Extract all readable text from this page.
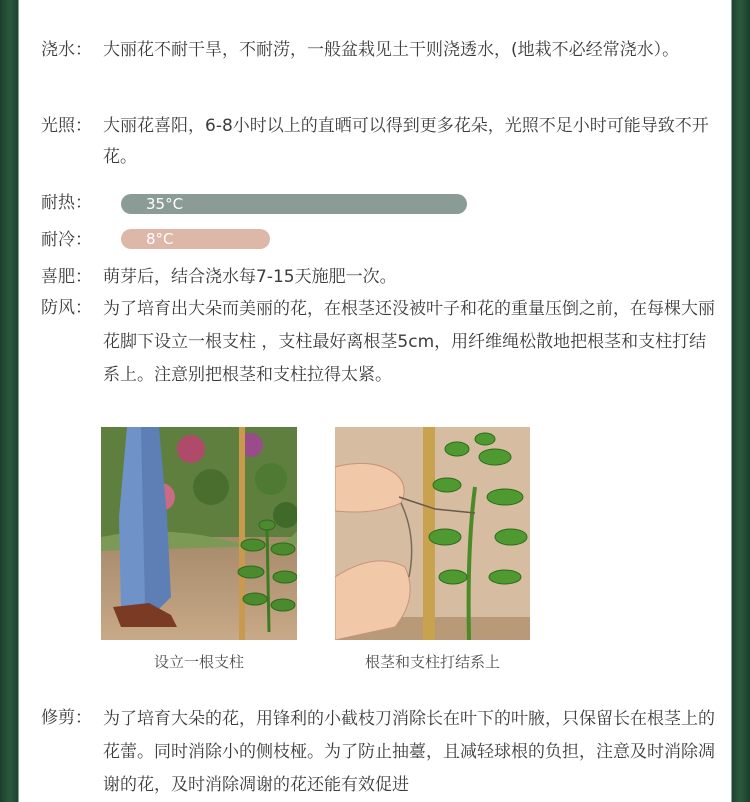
浇水： 大丽花不耐干旱，不耐涝，一般盆栽见土干则浇透水，(地栽不必经常浇水）。
光照： 大丽花喜阳，6-8小时以上的直晒可以得到更多花朵，光照不足小时可能导致不开花。
耐热：	35°C
耐冷：	8°C
喜肥： 萌芽后，结合浇水每7-15天施肥一次。
防风： 为了培育出大朵而美丽的花，在根茎还没被叶子和花的重量压倒之前，在每棵大丽花脚下设立一根支柱 ，支柱最好离根茎5cm，用纤维绳松散地把根茎和支柱打结系上。注意别把根茎和支柱拉得太紧。
设立一根支柱	根茎和支柱打结系上
修剪： 为了培育大朵的花，用锋利的小截枝刀消除长在叶下的叶腋，只保留长在根茎上的花蕾。同时消除小的侧枝桠。为了防止抽薹，且减轻球根的负担，注意及时消除凋谢的花，及时消除凋谢的花还能有效促进
